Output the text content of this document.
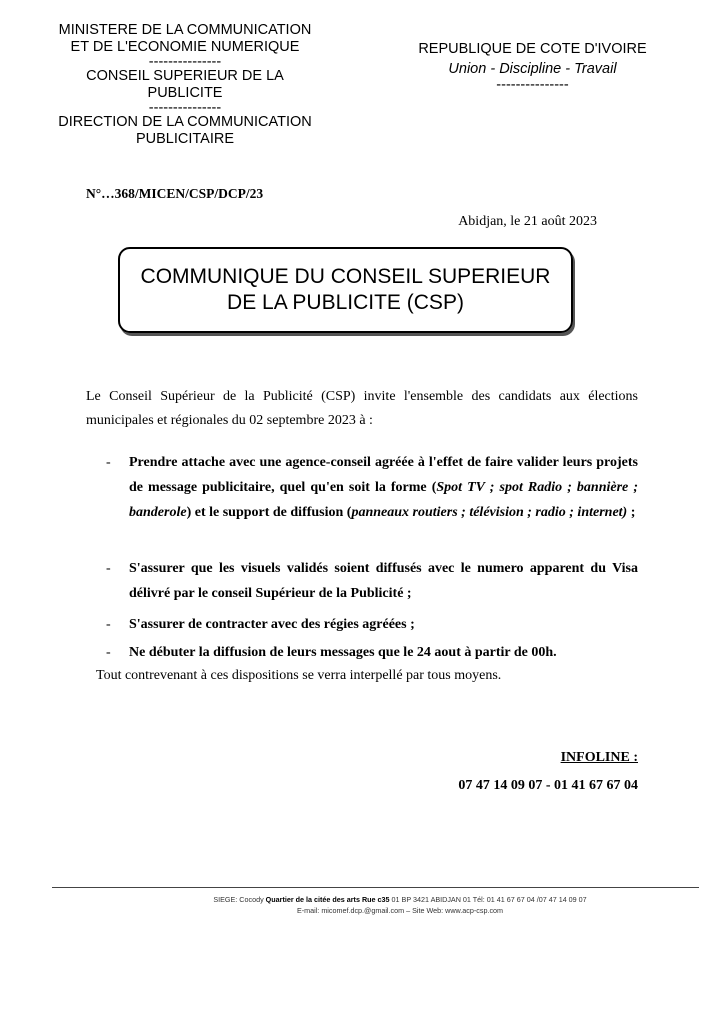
MINISTERE DE LA COMMUNICATION
ET DE L'ECONOMIE NUMERIQUE
---------------
CONSEIL SUPERIEUR DE LA
PUBLICITE
---------------
DIRECTION DE LA COMMUNICATION
PUBLICITAIRE
REPUBLIQUE DE COTE D'IVOIRE
Union - Discipline - Travail
---------------
N°…368/MICEN/CSP/DCP/23
Abidjan, le 21 août 2023
COMMUNIQUE DU CONSEIL SUPERIEUR
DE LA PUBLICITE (CSP)
Le Conseil Supérieur de la Publicité (CSP) invite l'ensemble des candidats aux élections municipales et régionales du 02 septembre 2023 à :
- Prendre attache avec une agence-conseil agréée à l'effet de faire valider leurs projets de message publicitaire, quel qu'en soit la forme (Spot TV ; spot Radio ; bannière ; banderole) et le support de diffusion (panneaux routiers ; télévision ; radio ; internet) ;
- S'assurer que les visuels validés soient diffusés avec le numero apparent du Visa délivré par le conseil Supérieur de la Publicité ;
- S'assurer de contracter avec des régies agréées ;
- Ne débuter la diffusion de leurs messages que le 24 aout à partir de 00h.
Tout contrevenant à ces dispositions se verra interpellé par tous moyens.
INFOLINE :
07 47 14 09 07 - 01 41 67 67 04
SIEGE: Cocody Quartier de la citée des arts Rue c35 01 BP 3421 ABIDJAN 01 Tél: 01 41 67 67 04 /07 47 14 09 07
E-mail: micomef.dcp.@gmail.com – Site Web: www.acp-csp.com
